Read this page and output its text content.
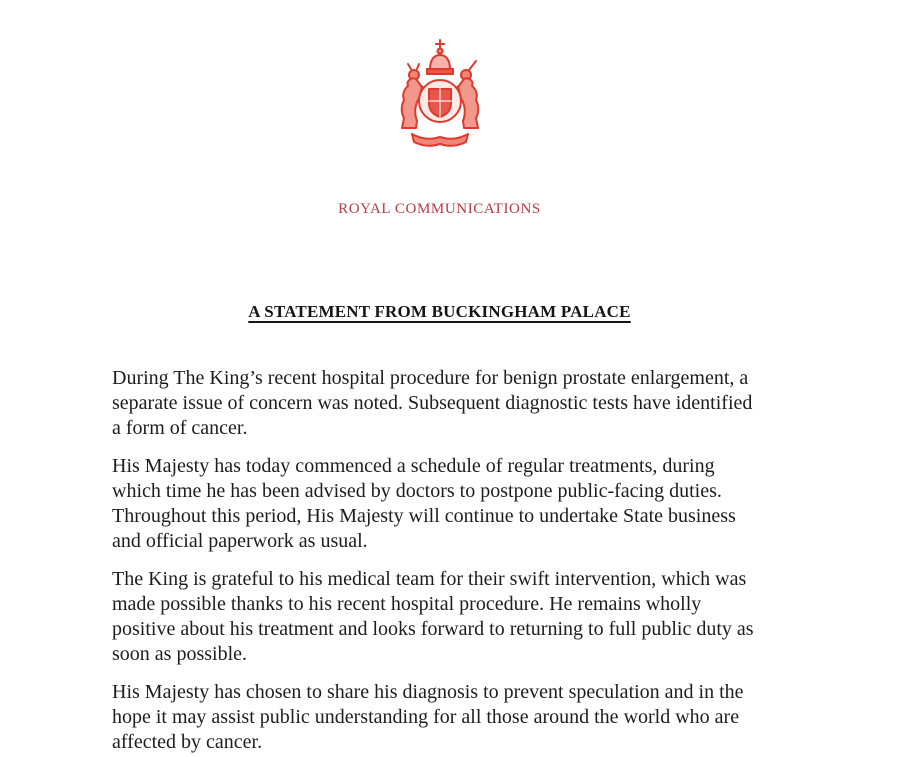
ROYAL COMMUNICATIONS
A STATEMENT FROM BUCKINGHAM PALACE

During The King’s recent hospital procedure for benign prostate enlargement, a
separate issue of concern was noted. Subsequent diagnostic tests have identified
a form of cancer.

His Majesty has today commenced a schedule of regular treatments, during
which time he has been advised by doctors to postpone public-facing duties.
Throughout this period, His Majesty will continue to undertake State business
and official paperwork as usual.

The King is grateful to his medical team for their swift intervention, which was
made possible thanks to his recent hospital procedure. He remains wholly
positive about his treatment and looks forward to returning to full public duty as
soon as possible.

His Majesty has chosen to share his diagnosis to prevent speculation and in the
hope it may assist public understanding for all those around the world who are
affected by cancer.
